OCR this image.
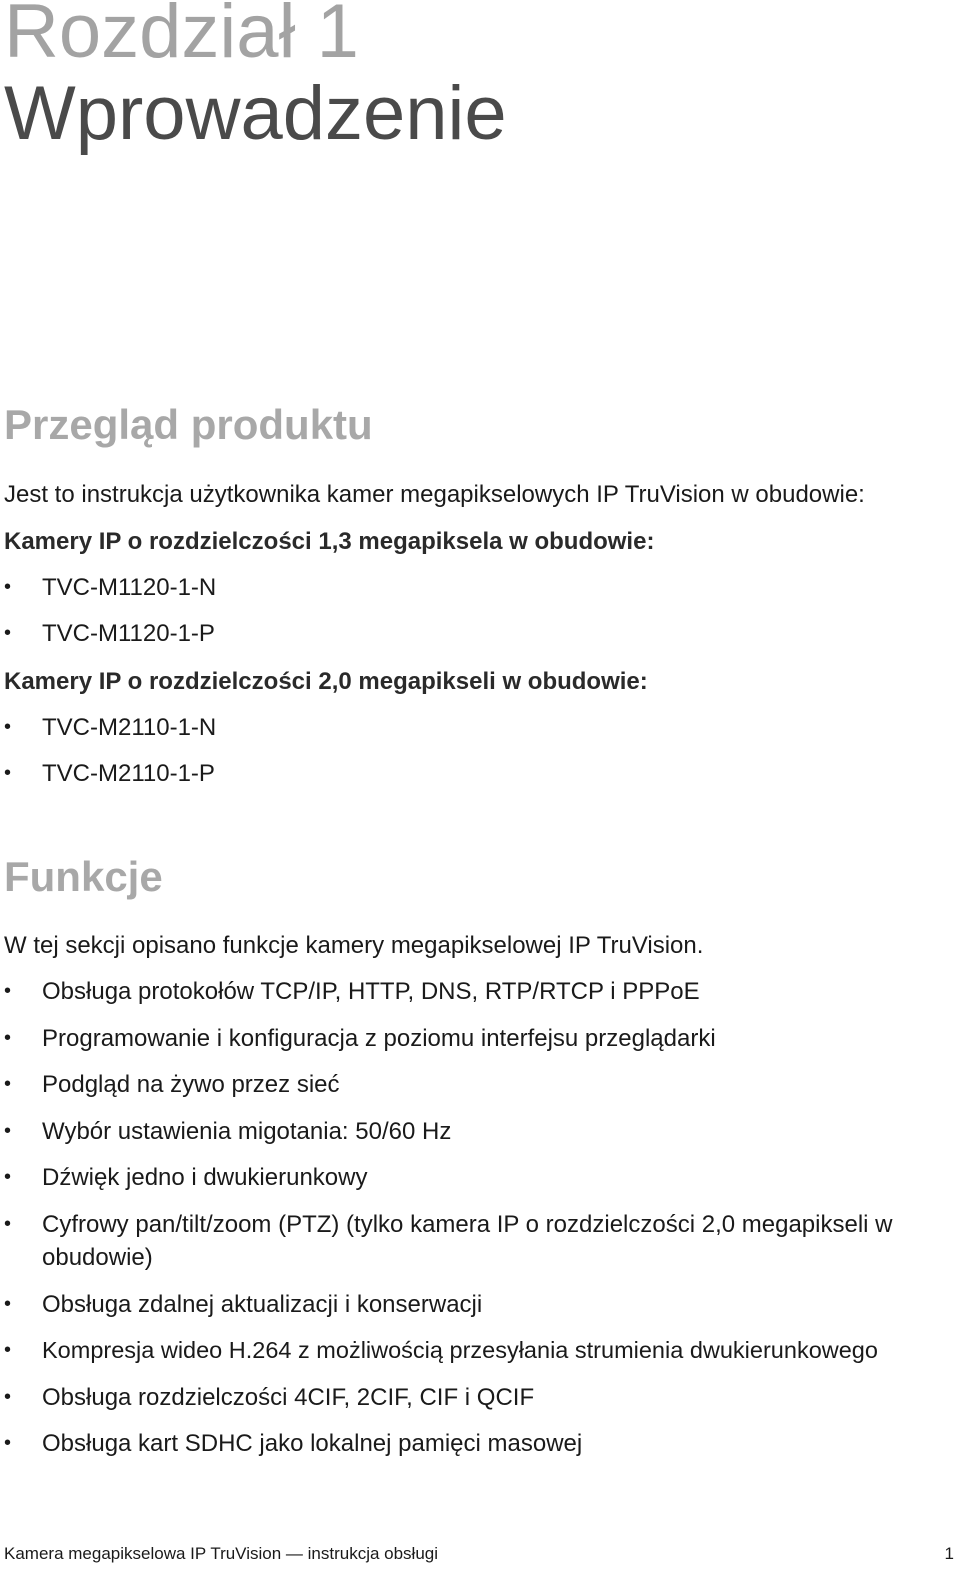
Rozdział 1
Wprowadzenie
Przegląd produktu
Jest to instrukcja użytkownika kamer megapikselowych IP TruVision w obudowie:
Kamery IP o rozdzielczości 1,3 megapiksela w obudowie:
• TVC-M1120-1-N
• TVC-M1120-1-P
Kamery IP o rozdzielczości 2,0 megapikseli w obudowie:
• TVC-M2110-1-N
• TVC-M2110-1-P
Funkcje
W tej sekcji opisano funkcje kamery megapikselowej IP TruVision.
• Obsługa protokołów TCP/IP, HTTP, DNS, RTP/RTCP i PPPoE
• Programowanie i konfiguracja z poziomu interfejsu przeglądarki
• Podgląd na żywo przez sieć
• Wybór ustawienia migotania: 50/60 Hz
• Dźwięk jedno i dwukierunkowy
• Cyfrowy pan/tilt/zoom (PTZ) (tylko kamera IP o rozdzielczości 2,0 megapikseli w obudowie)
• Obsługa zdalnej aktualizacji i konserwacji
• Kompresja wideo H.264 z możliwością przesyłania strumienia dwukierunkowego
• Obsługa rozdzielczości 4CIF, 2CIF, CIF i QCIF
• Obsługa kart SDHC jako lokalnej pamięci masowej
Kamera megapikselowa IP TruVision — instrukcja obsługi	1
